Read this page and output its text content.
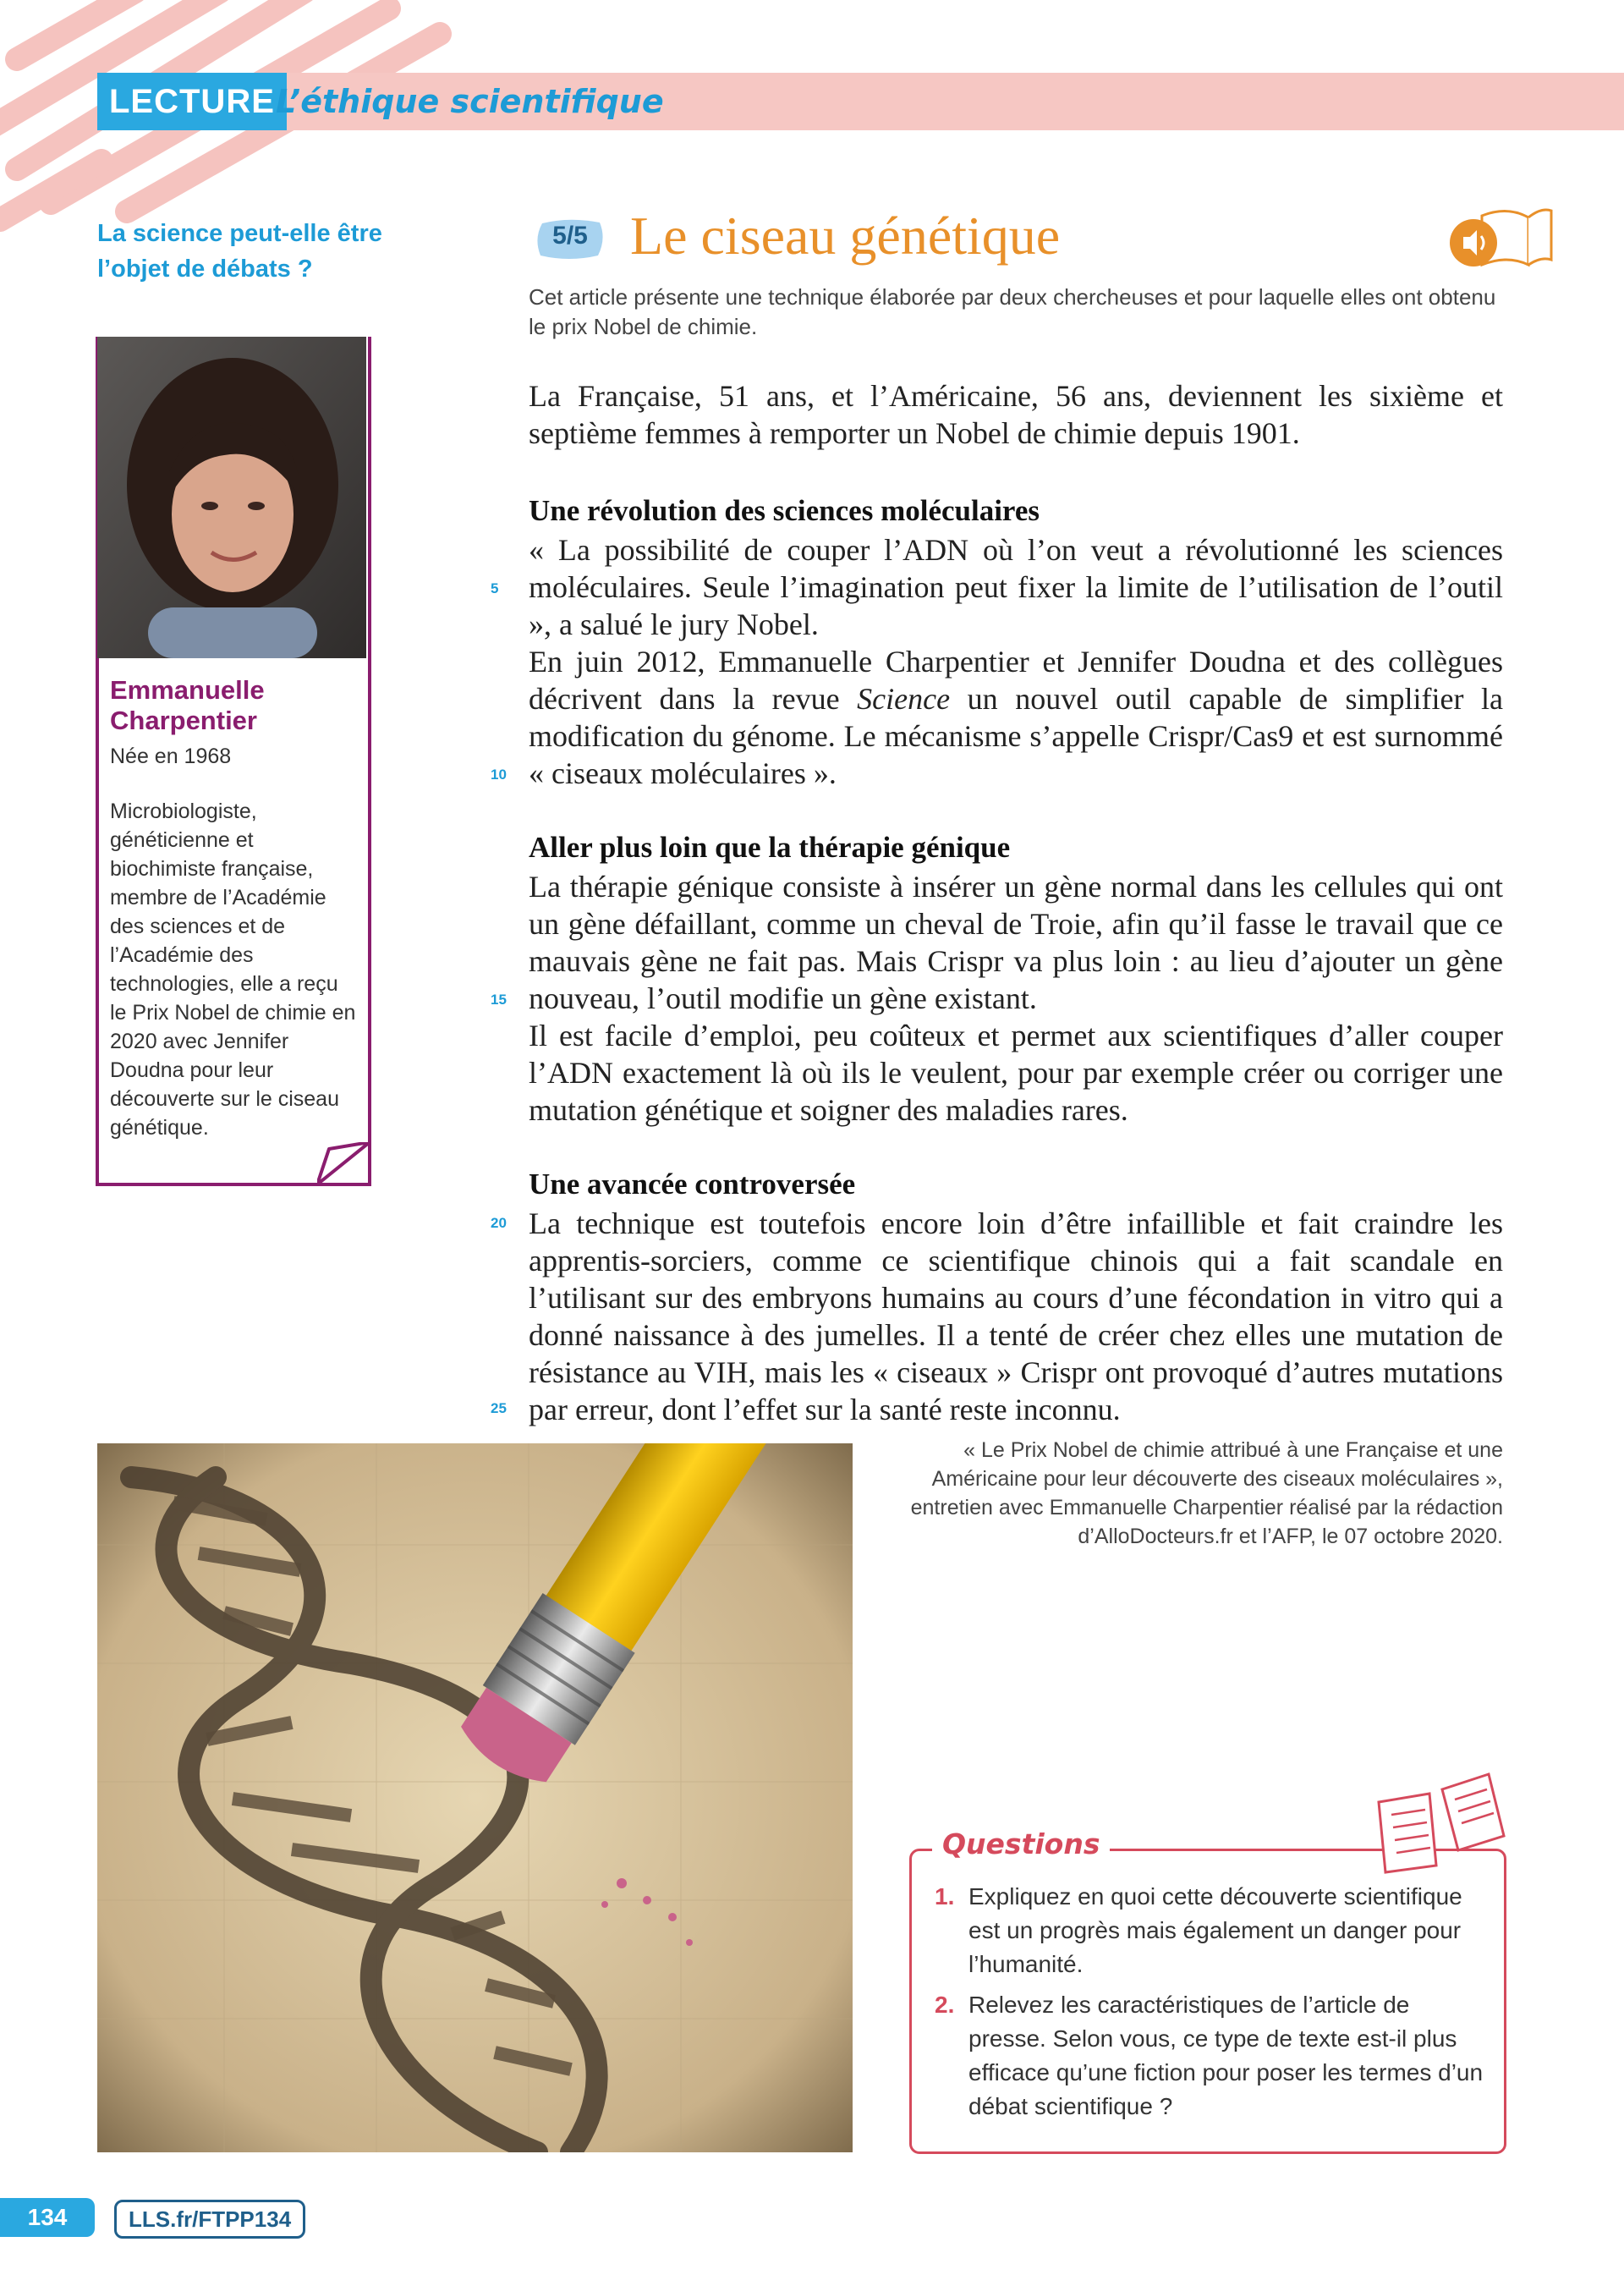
LECTURE L’éthique scientifique
La science peut-elle être l’objet de débats ?
Emmanuelle Charpentier
Née en 1968
Microbiologiste, généticienne et biochimiste française, membre de l’Académie des sciences et de l’Académie des technologies, elle a reçu le Prix Nobel de chimie en 2020 avec Jennifer Doudna pour leur découverte sur le ciseau génétique.
5/5 Le ciseau génétique
Cet article présente une technique élaborée par deux chercheuses et pour laquelle elles ont obtenu le prix Nobel de chimie.

La Française, 51 ans, et l’Américaine, 56 ans, deviennent les sixième et septième femmes à remporter un Nobel de chimie depuis 1901.

Une révolution des sciences moléculaires

« La possibilité de couper l’ADN où l’on veut a révolutionné les sciences moléculaires. Seule l’imagination peut fixer la limite de l’utilisation de l’outil », a salué le jury Nobel.

En juin 2012, Emmanuelle Charpentier et Jennifer Doudna et des collègues décrivent dans la revue Science un nouvel outil capable de simplifier la modification du génome. Le mécanisme s’appelle Crispr/Cas9 et est surnommé « ciseaux moléculaires ».

Aller plus loin que la thérapie génique

La thérapie génique consiste à insérer un gène normal dans les cellules qui ont un gène défaillant, comme un cheval de Troie, afin qu’il fasse le travail que ce mauvais gène ne fait pas. Mais Crispr va plus loin : au lieu d’ajouter un gène nouveau, l’outil modifie un gène existant.

Il est facile d’emploi, peu coûteux et permet aux scientifiques d’aller couper l’ADN exactement là où ils le veulent, pour par exemple créer ou corriger une mutation génétique et soigner des maladies rares.

Une avancée controversée

La technique est toutefois encore loin d’être infaillible et fait craindre les apprentis-sorciers, comme ce scientifique chinois qui a fait scandale en l’utilisant sur des embryons humains au cours d’une fécondation in vitro qui a donné naissance à des jumelles. Il a tenté de créer chez elles une mutation de résistance au VIH, mais les « ciseaux » Crispr ont provoqué d’autres mutations par erreur, dont l’effet sur la santé reste inconnu.

5
10
15
20
25
« Le Prix Nobel de chimie attribué à une Française et une Américaine pour leur découverte des ciseaux moléculaires », entretien avec Emmanuelle Charpentier réalisé par la rédaction d’AlloDocteurs.fr et l’AFP, le 07 octobre 2020.
Questions
1. Expliquez en quoi cette découverte scientifique est un progrès mais également un danger pour l’humanité.
2. Relevez les caractéristiques de l’article de presse. Selon vous, ce type de texte est-il plus efficace qu’une fiction pour poser les termes d’un débat scientifique ?
134	LLS.fr/FTPP134
